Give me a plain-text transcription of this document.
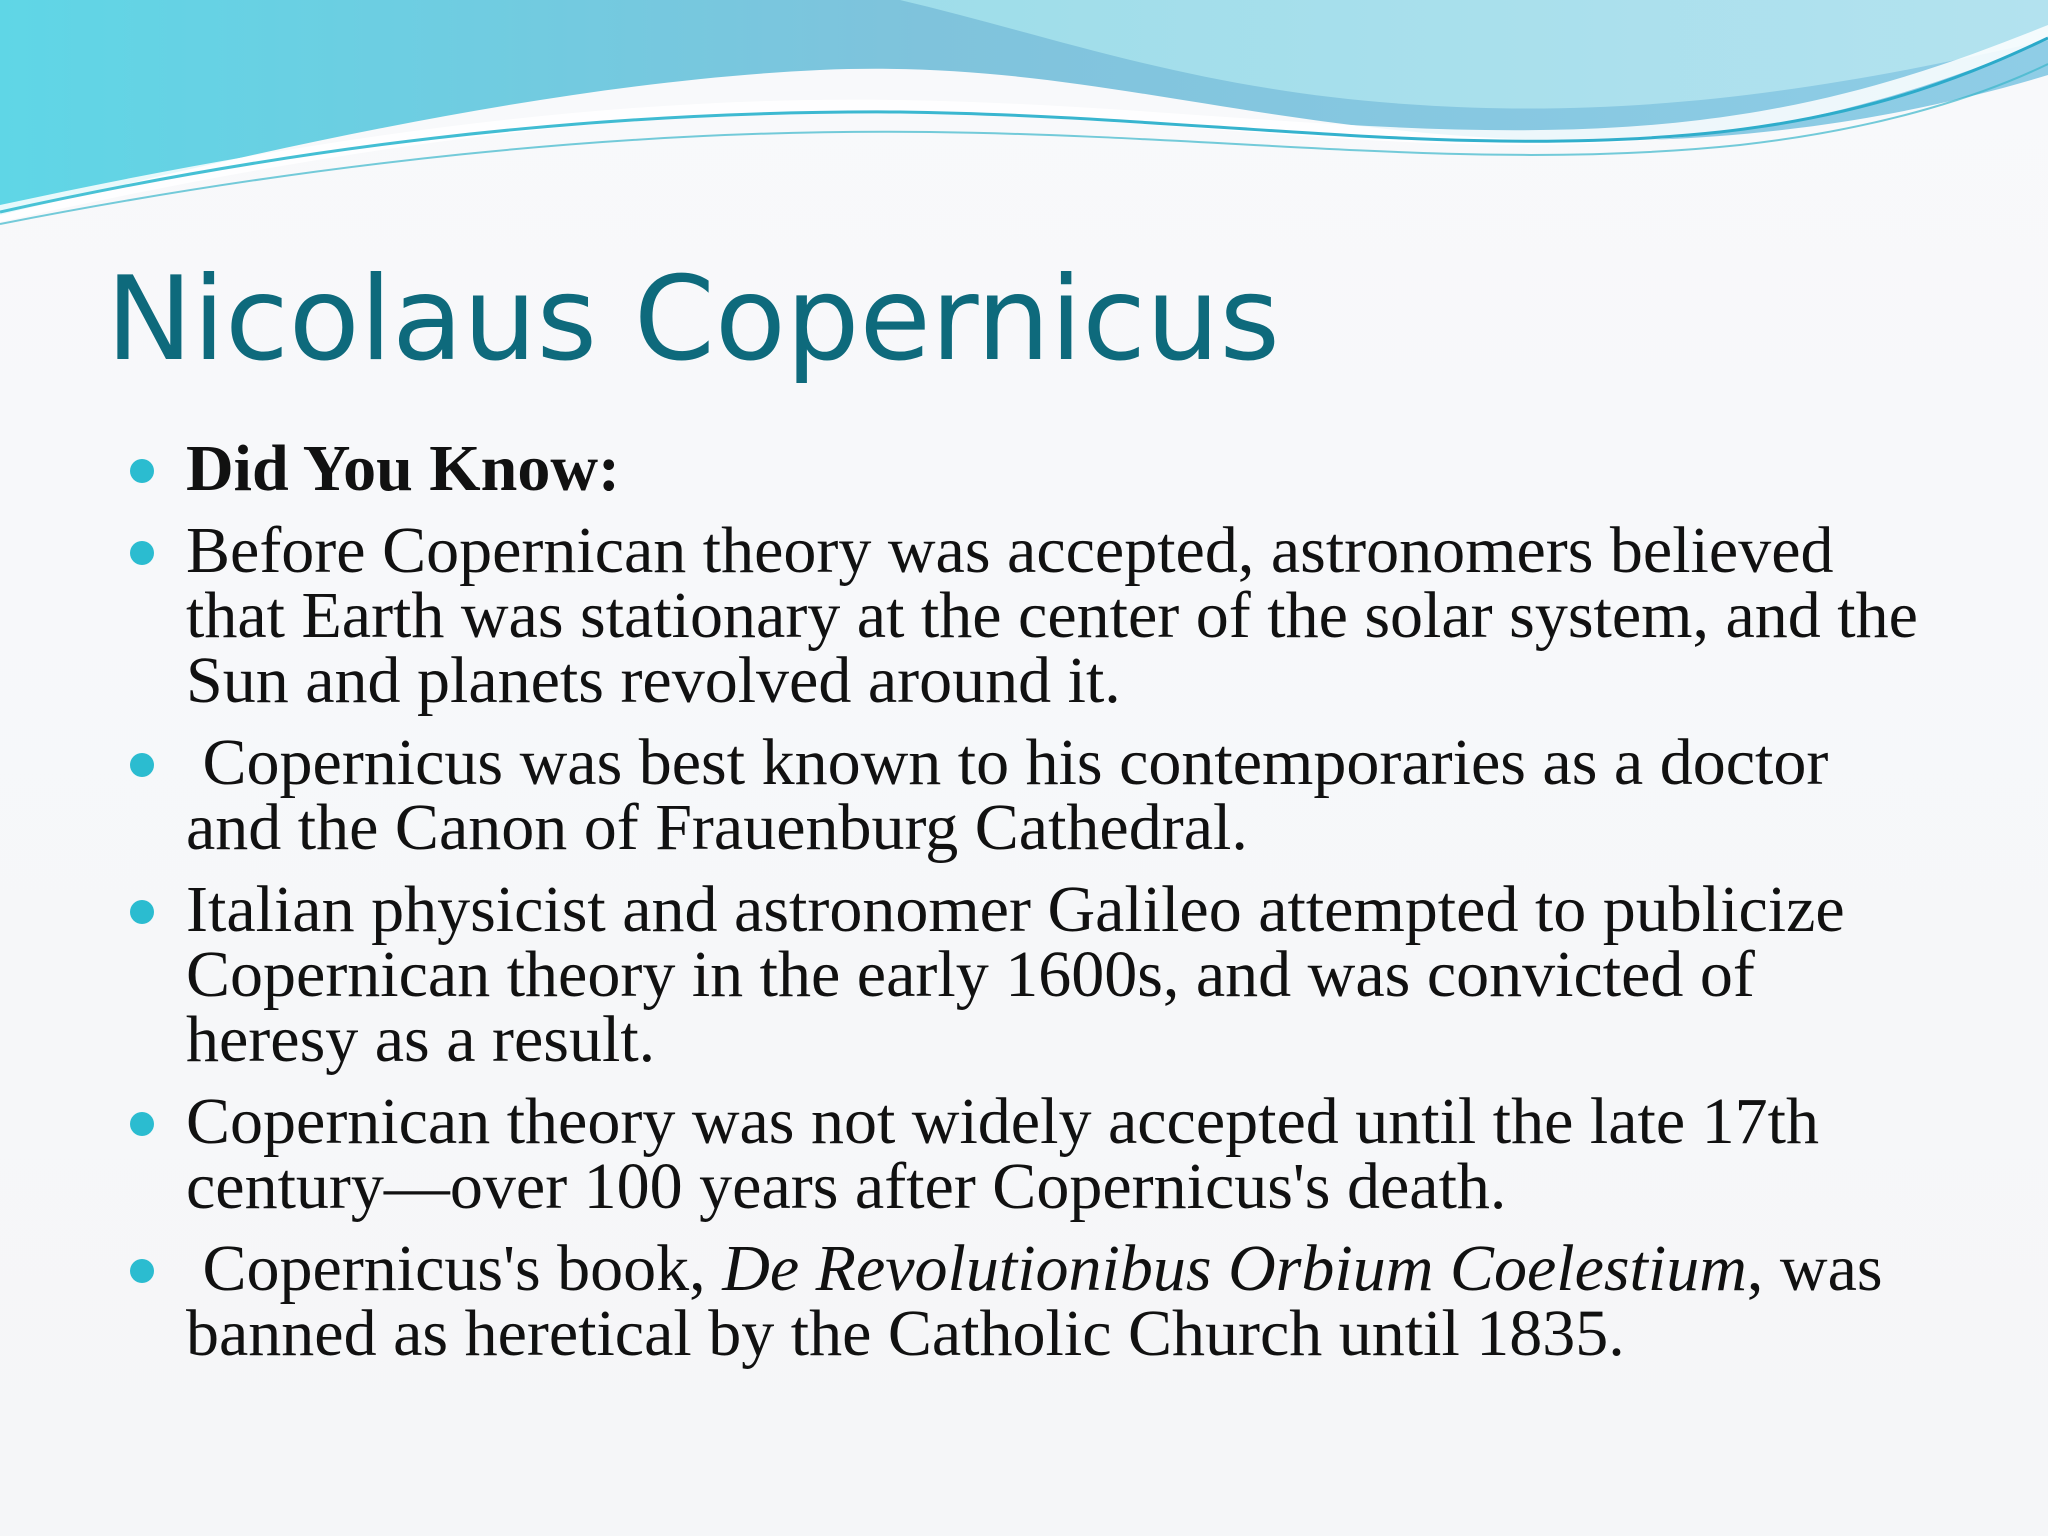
Nicolaus Copernicus
Did You Know:
Before Copernican theory was accepted, astronomers believed that Earth was stationary at the center of the solar system, and the Sun and planets revolved around it.
Copernicus was best known to his contemporaries as a doctor and the Canon of Frauenburg Cathedral.
Italian physicist and astronomer Galileo attempted to publicize Copernican theory in the early 1600s, and was convicted of heresy as a result.
Copernican theory was not widely accepted until the late 17th century—over 100 years after Copernicus's death.
Copernicus's book, De Revolutionibus Orbium Coelestium, was banned as heretical by the Catholic Church until 1835.
